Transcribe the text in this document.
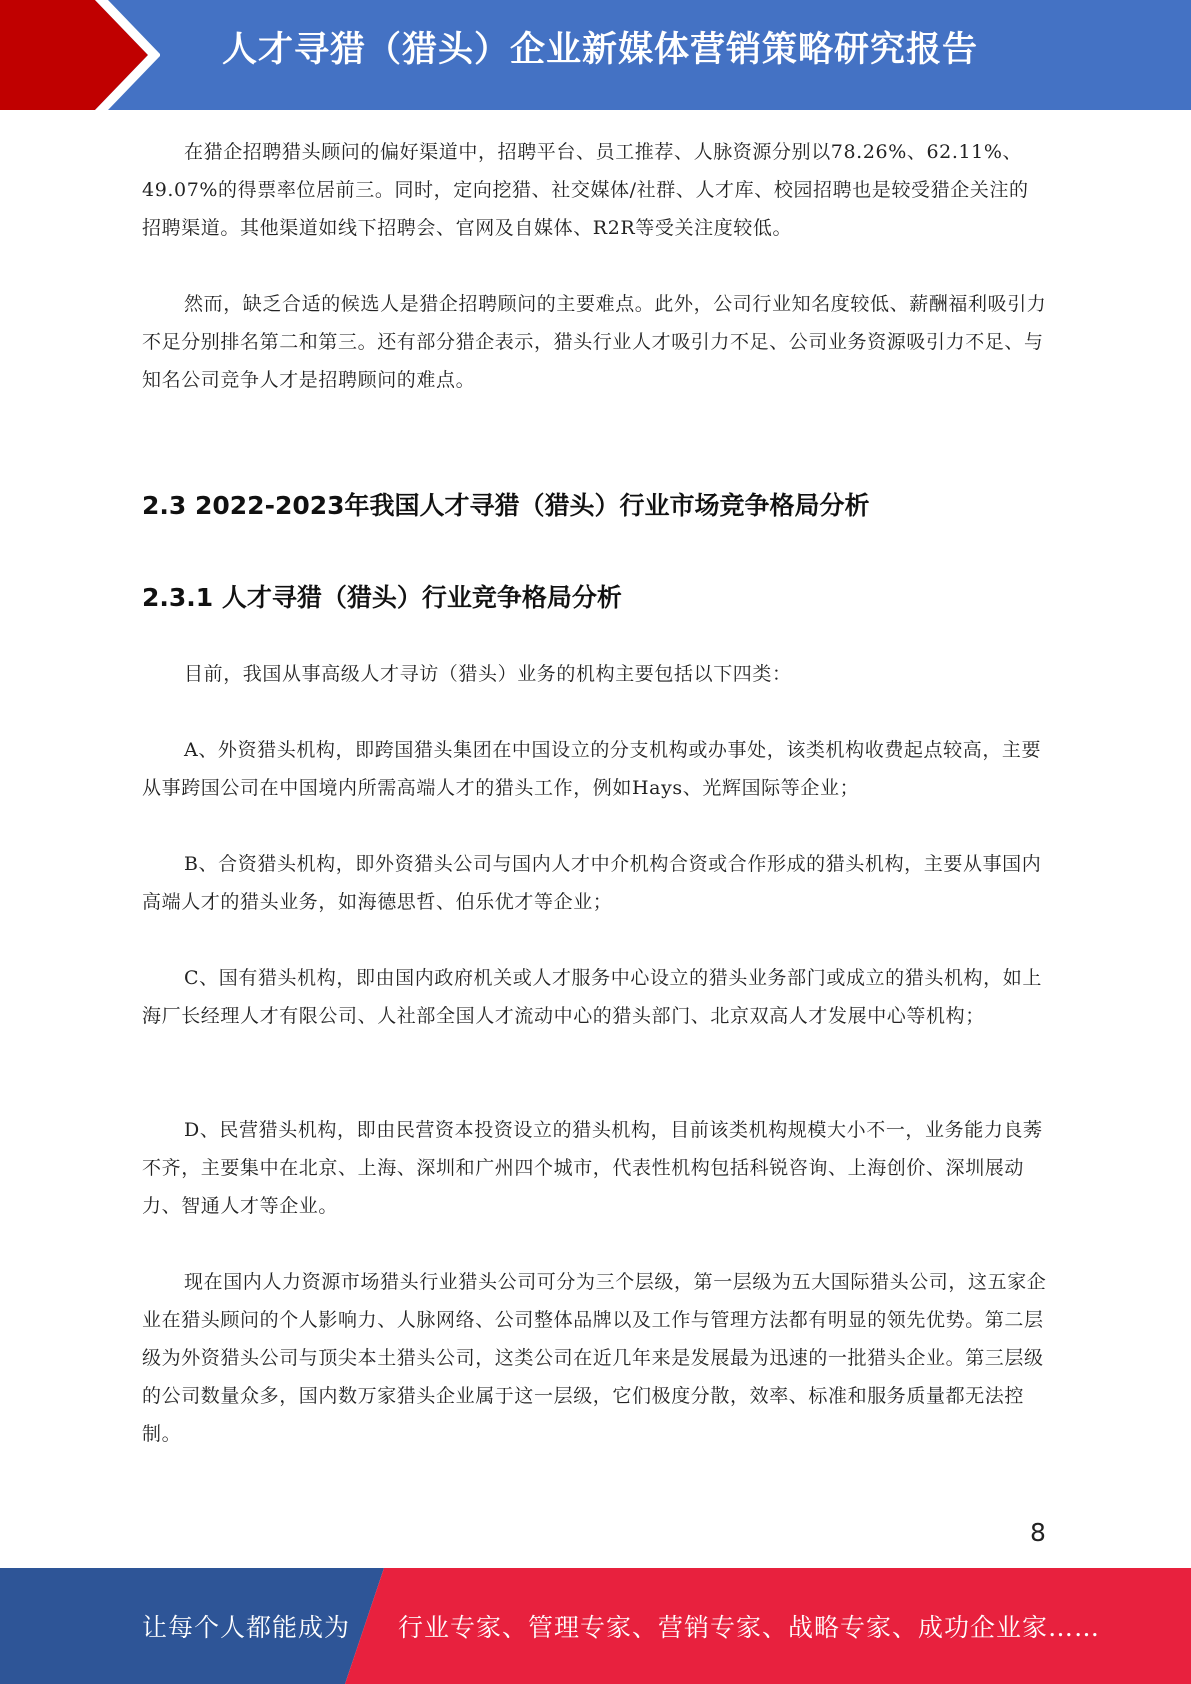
人才寻猎（猎头）企业新媒体营销策略研究报告

在猎企招聘猎头顾问的偏好渠道中，招聘平台、员工推荐、人脉资源分别以78.26%、62.11%、49.07%的得票率位居前三。同时，定向挖猎、社交媒体/社群、人才库、校园招聘也是较受猎企关注的招聘渠道。其他渠道如线下招聘会、官网及自媒体、R2R等受关注度较低。

然而，缺乏合适的候选人是猎企招聘顾问的主要难点。此外，公司行业知名度较低、薪酬福利吸引力不足分别排名第二和第三。还有部分猎企表示，猎头行业人才吸引力不足、公司业务资源吸引力不足、与知名公司竞争人才是招聘顾问的难点。

2.3 2022-2023年我国人才寻猎（猎头）行业市场竞争格局分析
2.3.1 人才寻猎（猎头）行业竞争格局分析

目前，我国从事高级人才寻访（猎头）业务的机构主要包括以下四类：

A、外资猎头机构，即跨国猎头集团在中国设立的分支机构或办事处，该类机构收费起点较高，主要从事跨国公司在中国境内所需高端人才的猎头工作，例如Hays、光辉国际等企业；

B、合资猎头机构，即外资猎头公司与国内人才中介机构合资或合作形成的猎头机构，主要从事国内高端人才的猎头业务，如海德思哲、伯乐优才等企业；

C、国有猎头机构，即由国内政府机关或人才服务中心设立的猎头业务部门或成立的猎头机构，如上海厂长经理人才有限公司、人社部全国人才流动中心的猎头部门、北京双高人才发展中心等机构；

D、民营猎头机构，即由民营资本投资设立的猎头机构，目前该类机构规模大小不一，业务能力良莠不齐，主要集中在北京、上海、深圳和广州四个城市，代表性机构包括科锐咨询、上海创价、深圳展动力、智通人才等企业。

现在国内人力资源市场猎头行业猎头公司可分为三个层级，第一层级为五大国际猎头公司，这五家企业在猎头顾问的个人影响力、人脉网络、公司整体品牌以及工作与管理方法都有明显的领先优势。第二层级为外资猎头公司与顶尖本土猎头公司，这类公司在近几年来是发展最为迅速的一批猎头企业。第三层级的公司数量众多，国内数万家猎头企业属于这一层级，它们极度分散，效率、标准和服务质量都无法控制。

8
让每个人都能成为 行业专家、管理专家、营销专家、战略专家、成功企业家……
